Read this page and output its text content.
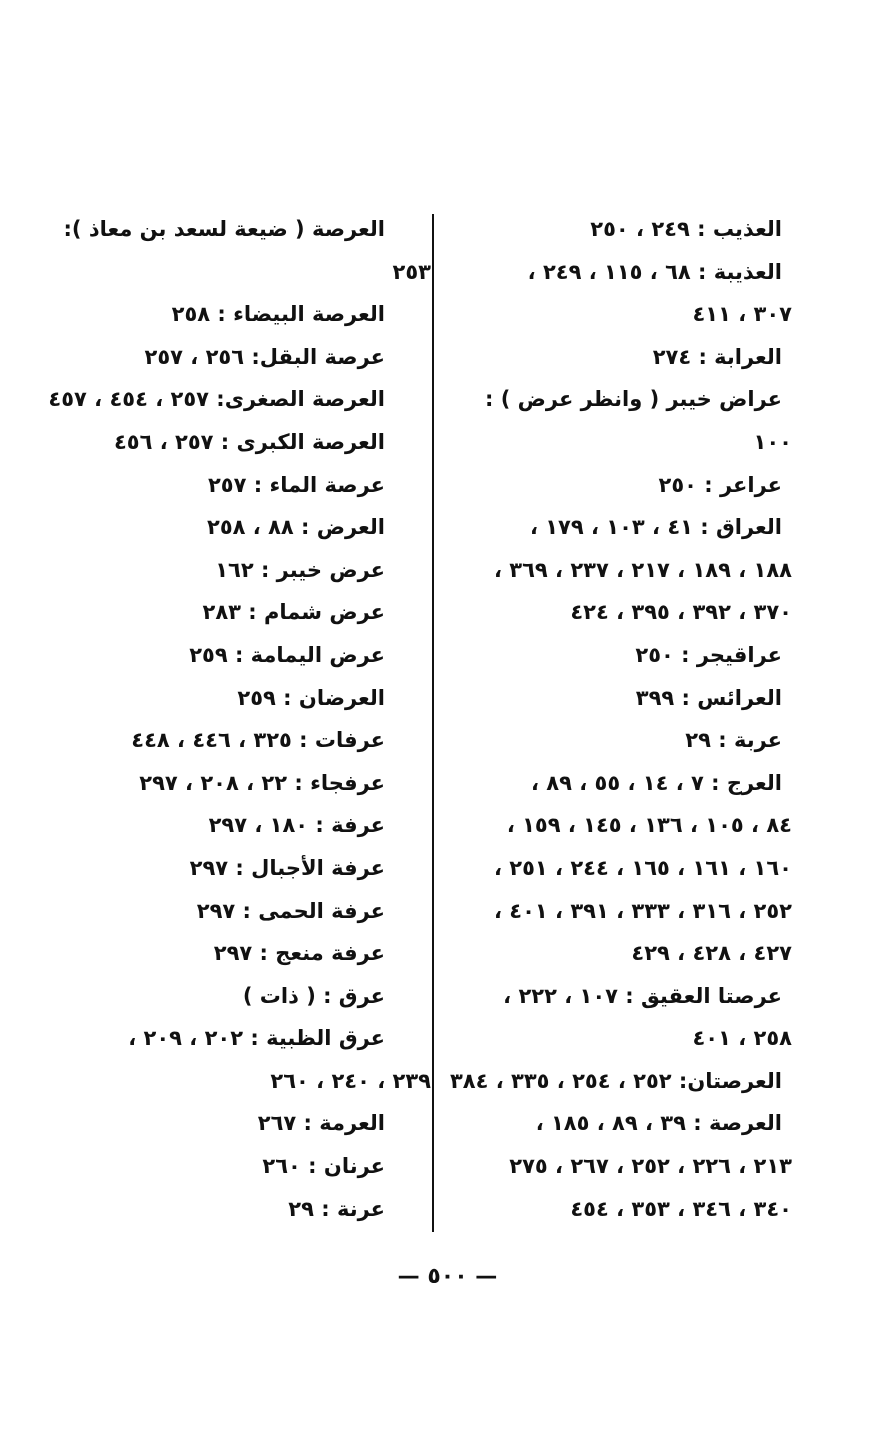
العذيب : ٢٤٩ ، ٢٥٠
العذيبة : ٦٨ ، ١١٥ ، ٢٤٩ ،
٣٠٧ ، ٤١١
العرابة : ٢٧٤
عراض خيبر ( وانظر عرض ) :
١٠٠
عراعر : ٢٥٠
العراق : ٤١ ، ١٠٣ ، ١٧٩ ،
١٨٨ ، ١٨٩ ، ٢١٧ ، ٢٣٧ ، ٣٦٩ ،
٣٧٠ ، ٣٩٢ ، ٣٩٥ ، ٤٢٤
عراقيجر : ٢٥٠
العرائس : ٣٩٩
عربة : ٢٩
العرج : ٧ ، ١٤ ، ٥٥ ، ٨٩ ،
٨٤ ، ١٠٥ ، ١٣٦ ، ١٤٥ ، ١٥٩ ،
١٦٠ ، ١٦١ ، ١٦٥ ، ٢٤٤ ، ٢٥١ ،
٢٥٢ ، ٣١٦ ، ٣٣٣ ، ٣٩١ ، ٤٠١ ،
٤٢٧ ، ٤٢٨ ، ٤٢٩
عرصتا العقيق : ١٠٧ ، ٢٢٢ ،
٢٥٨ ، ٤٠١
العرصتان: ٢٥٢ ، ٢٥٤ ، ٣٣٥ ، ٣٨٤
العرصة : ٣٩ ، ٨٩ ، ١٨٥ ،
٢١٣ ، ٢٢٦ ، ٢٥٢ ، ٢٦٧ ، ٢٧٥
٣٤٠ ، ٣٤٦ ، ٣٥٣ ، ٤٥٤
العرصة ( ضيعة لسعد بن معاذ ):
٢٥٣
العرصة البيضاء : ٢٥٨
عرصة البقل: ٢٥٦ ، ٢٥٧
العرصة الصغرى: ٢٥٧ ، ٤٥٤ ، ٤٥٧
العرصة الكبرى : ٢٥٧ ، ٤٥٦
عرصة الماء : ٢٥٧
العرض : ٨٨ ، ٢٥٨
عرض خيبر : ١٦٢
عرض شمام : ٢٨٣
عرض اليمامة : ٢٥٩
العرضان : ٢٥٩
عرفات : ٣٢٥ ، ٤٤٦ ، ٤٤٨
عرفجاء : ٢٢ ، ٢٠٨ ، ٢٩٧
عرفة : ١٨٠ ، ٢٩٧
عرفة الأجبال : ٢٩٧
عرفة الحمى : ٢٩٧
عرفة منعج : ٢٩٧
عرق : ( ذات )
عرق الظبية : ٢٠٢ ، ٢٠٩ ،
٢٣٩ ، ٢٤٠ ، ٢٦٠
العرمة : ٢٦٧
عرنان : ٢٦٠
عرنة : ٢٩
— ٥٠٠ —
